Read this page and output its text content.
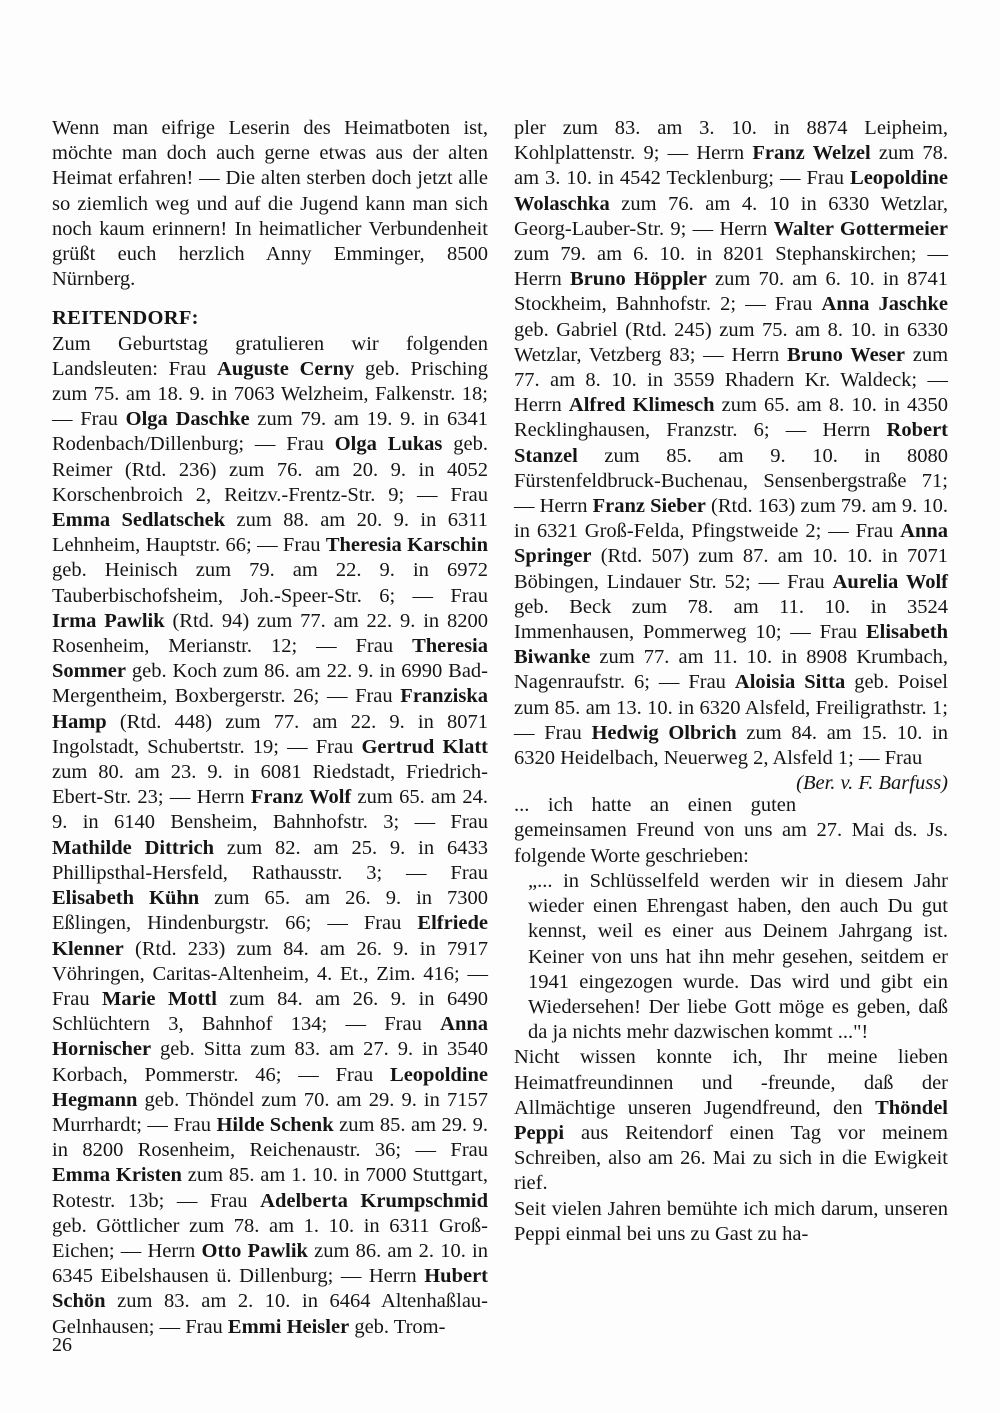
Wenn man eifrige Leserin des Heimatboten ist, möchte man doch auch gerne etwas aus der alten Heimat erfahren! — Die alten sterben doch jetzt alle so ziemlich weg und auf die Jugend kann man sich noch kaum erinnern! In heimatlicher Verbundenheit grüßt euch herzlich Anny Emminger, 8500 Nürnberg.

REITENDORF:

Zum Geburtstag gratulieren wir folgenden Landsleuten: Frau Auguste Cerny geb. Prisching zum 75. am 18. 9. in 7063 Welzheim, Falkenstr. 18; — Frau Olga Daschke zum 79. am 19. 9. in 6341 Rodenbach/Dillenburg; — Frau Olga Lukas geb. Reimer (Rtd. 236) zum 76. am 20. 9. in 4052 Korschenbroich 2, Reitzv.-Frentz-Str. 9; — Frau Emma Sedlatschek zum 88. am 20. 9. in 6311 Lehnheim, Hauptstr. 66; — Frau Theresia Karschin geb. Heinisch zum 79. am 22. 9. in 6972 Tauberbischofsheim, Joh.-Speer-Str. 6; — Frau Irma Pawlik (Rtd. 94) zum 77. am 22. 9. in 8200 Rosenheim, Merianstr. 12; — Frau Theresia Sommer geb. Koch zum 86. am 22. 9. in 6990 Bad-Mergentheim, Boxbergerstr. 26; — Frau Franziska Hamp (Rtd. 448) zum 77. am 22. 9. in 8071 Ingolstadt, Schubertstr. 19; — Frau Gertrud Klatt zum 80. am 23. 9. in 6081 Riedstadt, Friedrich-Ebert-Str. 23; — Herrn Franz Wolf zum 65. am 24. 9. in 6140 Bensheim, Bahnhofstr. 3; — Frau Mathilde Dittrich zum 82. am 25. 9. in 6433 Phillipsthal-Hersfeld, Rathausstr. 3; — Frau Elisabeth Kühn zum 65. am 26. 9. in 7300 Eßlingen, Hindenburgstr. 66; — Frau Elfriede Klenner (Rtd. 233) zum 84. am 26. 9. in 7917 Vöhringen, Caritas-Altenheim, 4. Et., Zim. 416; — Frau Marie Mottl zum 84. am 26. 9. in 6490 Schlüchtern 3, Bahnhof 134; — Frau Anna Hornischer geb. Sitta zum 83. am 27. 9. in 3540 Korbach, Pommerstr. 46; — Frau Leopoldine Hegmann geb. Thöndel zum 70. am 29. 9. in 7157 Murrhardt; — Frau Hilde Schenk zum 85. am 29. 9. in 8200 Rosenheim, Reichenaustr. 36; — Frau Emma Kristen zum 85. am 1. 10. in 7000 Stuttgart, Rotestr. 13b; — Frau Adelberta Krumpschmid geb. Göttlicher zum 78. am 1. 10. in 6311 Groß-Eichen; — Herrn Otto Pawlik zum 86. am 2. 10. in 6345 Eibelshausen ü. Dillenburg; — Herrn Hubert Schön zum 83. am 2. 10. in 6464 Altenhaßlau-Gelnhausen; — Frau Emmi Heisler geb. Trom-

pler zum 83. am 3. 10. in 8874 Leipheim, Kohlplattenstr. 9; — Herrn Franz Welzel zum 78. am 3. 10. in 4542 Tecklenburg; — Frau Leopoldine Wolaschka zum 76. am 4. 10 in 6330 Wetzlar, Georg-Lauber-Str. 9; — Herrn Walter Gottermeier zum 79. am 6. 10. in 8201 Stephanskirchen; — Herrn Bruno Höppler zum 70. am 6. 10. in 8741 Stockheim, Bahnhofstr. 2; — Frau Anna Jaschke geb. Gabriel (Rtd. 245) zum 75. am 8. 10. in 6330 Wetzlar, Vetzberg 83; — Herrn Bruno Weser zum 77. am 8. 10. in 3559 Rhadern Kr. Waldeck; — Herrn Alfred Klimesch zum 65. am 8. 10. in 4350 Recklinghausen, Franzstr. 6; — Herrn Robert Stanzel zum 85. am 9. 10. in 8080 Fürstenfeldbruck-Buchenau, Sensenbergstraße 71; — Herrn Franz Sieber (Rtd. 163) zum 79. am 9. 10. in 6321 Groß-Felda, Pfingstweide 2; — Frau Anna Springer (Rtd. 507) zum 87. am 10. 10. in 7071 Böbingen, Lindauer Str. 52; — Frau Aurelia Wolf geb. Beck zum 78. am 11. 10. in 3524 Immenhausen, Pommerweg 10; — Frau Elisabeth Biwanke zum 77. am 11. 10. in 8908 Krumbach, Nagenraufstr. 6; — Frau Aloisia Sitta geb. Poisel zum 85. am 13. 10. in 6320 Alsfeld, Freiligrathstr. 1; — Frau Hedwig Olbrich zum 84. am 15. 10. in 6320 Heidelbach, Neuerweg 2, Alsfeld 1; — Frau
(Ber. v. F. Barfuss)

... ich hatte an einen guten gemeinsamen Freund von uns am 27. Mai ds. Js. folgende Worte geschrieben:

„... in Schlüsselfeld werden wir in diesem Jahr wieder einen Ehrengast haben, den auch Du gut kennst, weil es einer aus Deinem Jahrgang ist. Keiner von uns hat ihn mehr gesehen, seitdem er 1941 eingezogen wurde. Das wird und gibt ein Wiedersehen! Der liebe Gott möge es geben, daß da ja nichts mehr dazwischen kommt ..."!

Nicht wissen konnte ich, Ihr meine lieben Heimatfreundinnen und -freunde, daß der Allmächtige unseren Jugendfreund, den Thöndel Peppi aus Reitendorf einen Tag vor meinem Schreiben, also am 26. Mai zu sich in die Ewigkeit rief.

Seit vielen Jahren bemühte ich mich darum, unseren Peppi einmal bei uns zu Gast zu ha-

26
